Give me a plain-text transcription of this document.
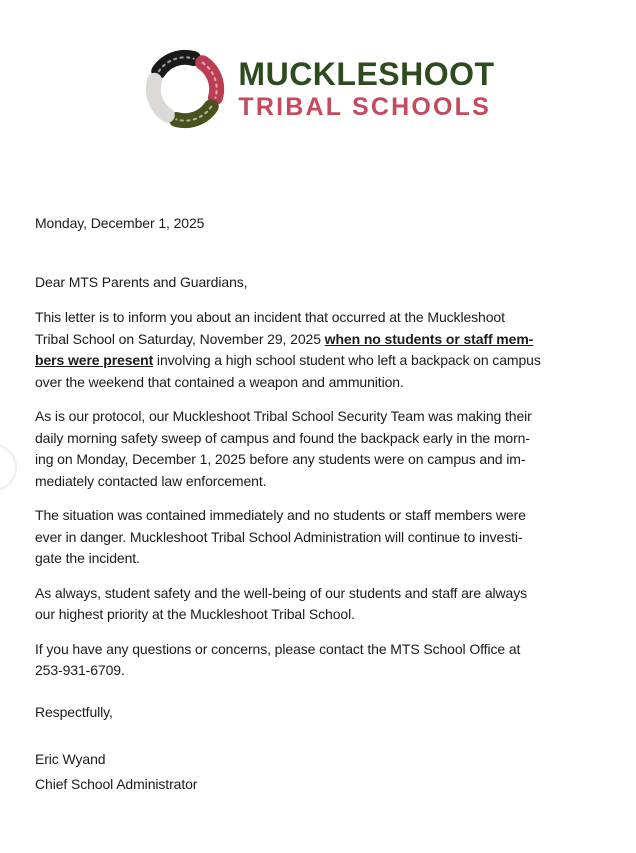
MUCKLESHOOT
TRIBAL SCHOOLS
Monday, December 1, 2025
Dear MTS Parents and Guardians,

This letter is to inform you about an incident that occurred at the Muckleshoot
Tribal School on Saturday, November 29, 2025 when no students or staff mem-
bers were present involving a high school student who left a backpack on campus
over the weekend that contained a weapon and ammunition.

As is our protocol, our Muckleshoot Tribal School Security Team was making their
daily morning safety sweep of campus and found the backpack early in the morn-
ing on Monday, December 1, 2025 before any students were on campus and im-
mediately contacted law enforcement.

The situation was contained immediately and no students or staff members were
ever in danger. Muckleshoot Tribal School Administration will continue to investi-
gate the incident.

As always, student safety and the well-being of our students and staff are always
our highest priority at the Muckleshoot Tribal School.

If you have any questions or concerns, please contact the MTS School Office at
253-931-6709.

Respectfully,
Eric Wyand
Chief School Administrator
